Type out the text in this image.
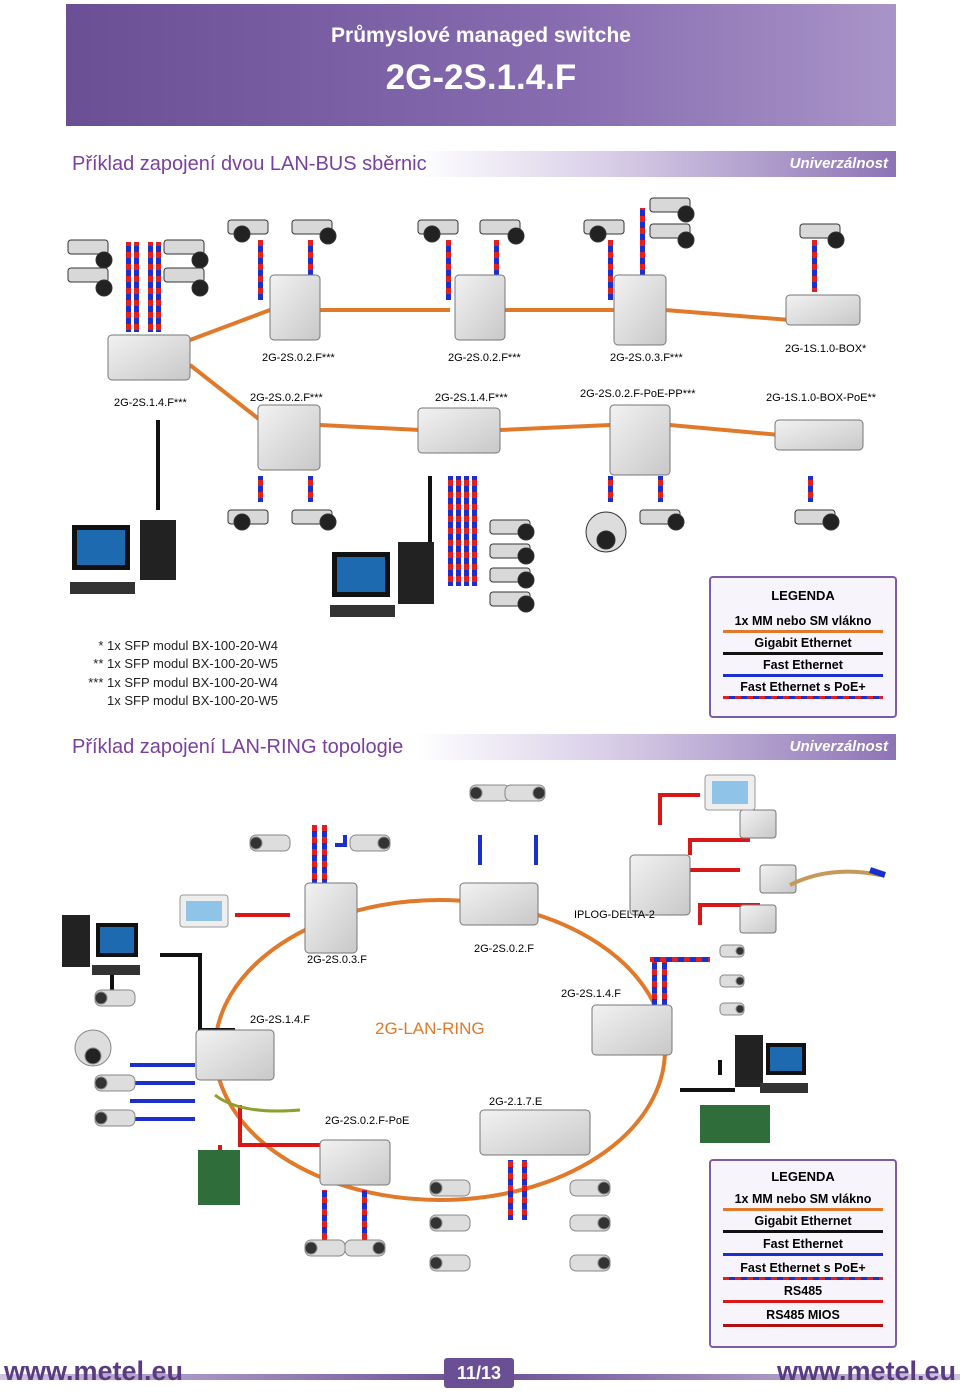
Průmyslové managed switche
2G-2S.1.4.F
Příklad zapojení dvou LAN-BUS sběrnic	Univerzálnost
2G-2S.0.2.F***	2G-2S.0.2.F***	2G-2S.0.3.F***
2G-1S.1.0-BOX*
2G-2S.1.4.F***	2G-2S.0.2.F***	2G-2S.1.4.F***	2G-2S.0.2.F-PoE-PP***	2G-1S.1.0-BOX-PoE**
* 1x SFP modul BX-100-20-W4
** 1x SFP modul BX-100-20-W5
*** 1x SFP modul BX-100-20-W4
1x SFP modul BX-100-20-W5
LEGENDA
1x MM nebo SM vlákno
Gigabit Ethernet
Fast Ethernet
Fast Ethernet s PoE+
Příklad zapojení LAN-RING topologie	Univerzálnost
IPLOG-DELTA-2
2G-2S.0.3.F
2G-2S.0.2.F
2G-2S.1.4.F
2G-2S.1.4.F	2G-LAN-RING
2G-2.1.7.E
2G-2S.0.2.F-PoE
LEGENDA
1x MM nebo SM vlákno
Gigabit Ethernet
Fast Ethernet
Fast Ethernet s PoE+
RS485
RS485 MIOS
www.metel.eu	11/13	www.metel.eu
